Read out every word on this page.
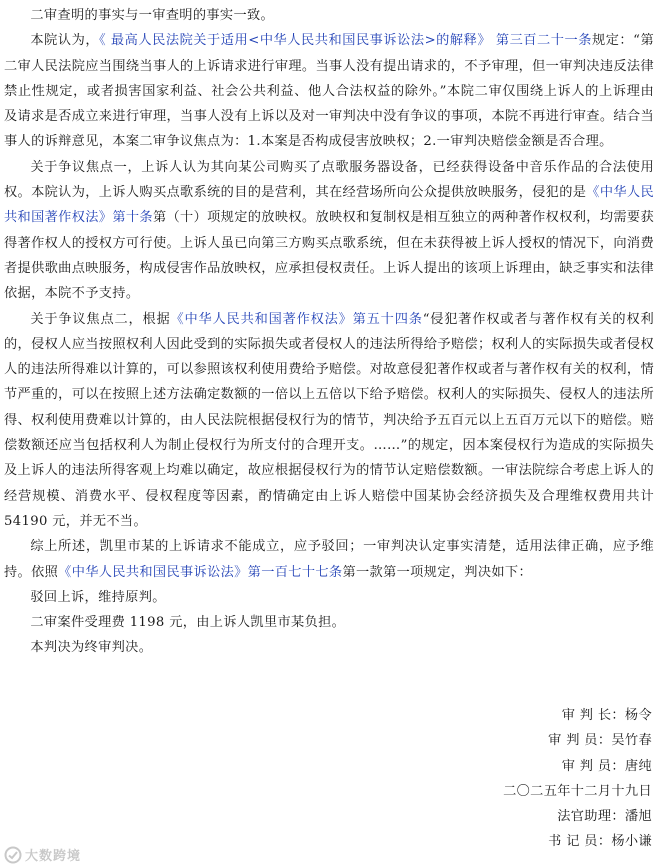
二审查明的事实与一审查明的事实一致。

本院认为，《 最高人民法院关于适用<中华人民共和国民事诉讼法>的解释》 第三百二十一条规定：“第二审人民法院应当围绕当事人的上诉请求进行审理。当事人没有提出请求的，不予审理，但一审判决违反法律禁止性规定，或者损害国家利益、社会公共利益、他人合法权益的除外。”本院二审仅围绕上诉人的上诉理由及请求是否成立来进行审理，当事人没有上诉以及对一审判决中没有争议的事项，本院不再进行审查。结合当事人的诉辩意见，本案二审争议焦点为：1.本案是否构成侵害放映权；2.一审判决赔偿金额是否合理。

关于争议焦点一，上诉人认为其向某公司购买了点歌服务器设备，已经获得设备中音乐作品的合法使用权。本院认为，上诉人购买点歌系统的目的是营利，其在经营场所向公众提供放映服务，侵犯的是《中华人民共和国著作权法》第十条第（十）项规定的放映权。放映权和复制权是相互独立的两种著作权权利，均需要获得著作权人的授权方可行使。上诉人虽已向第三方购买点歌系统，但在未获得被上诉人授权的情况下，向消费者提供歌曲点映服务，构成侵害作品放映权，应承担侵权责任。上诉人提出的该项上诉理由，缺乏事实和法律依据，本院不予支持。

关于争议焦点二，根据《中华人民共和国著作权法》第五十四条“侵犯著作权或者与著作权有关的权利的，侵权人应当按照权利人因此受到的实际损失或者侵权人的违法所得给予赔偿；权利人的实际损失或者侵权人的违法所得难以计算的，可以参照该权利使用费给予赔偿。对故意侵犯著作权或者与著作权有关的权利，情节严重的，可以在按照上述方法确定数额的一倍以上五倍以下给予赔偿。权利人的实际损失、侵权人的违法所得、权利使用费难以计算的，由人民法院根据侵权行为的情节，判决给予五百元以上五百万元以下的赔偿。赔偿数额还应当包括权利人为制止侵权行为所支付的合理开支。……”的规定，因本案侵权行为造成的实际损失及上诉人的违法所得客观上均难以确定，故应根据侵权行为的情节认定赔偿数额。一审法院综合考虑上诉人的经营规模、消费水平、侵权程度等因素，酌情确定由上诉人赔偿中国某协会经济损失及合理维权费用共计 54190 元，并无不当。

综上所述，凯里市某的上诉请求不能成立，应予驳回；一审判决认定事实清楚，适用法律正确，应予维持。依照《中华人民共和国民事诉讼法》第一百七十七条第一款第一项规定，判决如下：

驳回上诉，维持原判。

二审案件受理费 1198 元，由上诉人凯里市某负担。

本判决为终审判决。

审 判 长：杨令
审 判 员：吴竹春
审 判 员：唐纯
二〇二五年十二月十九日
法官助理：潘旭
书 记 员：杨小谦
大数跨境
